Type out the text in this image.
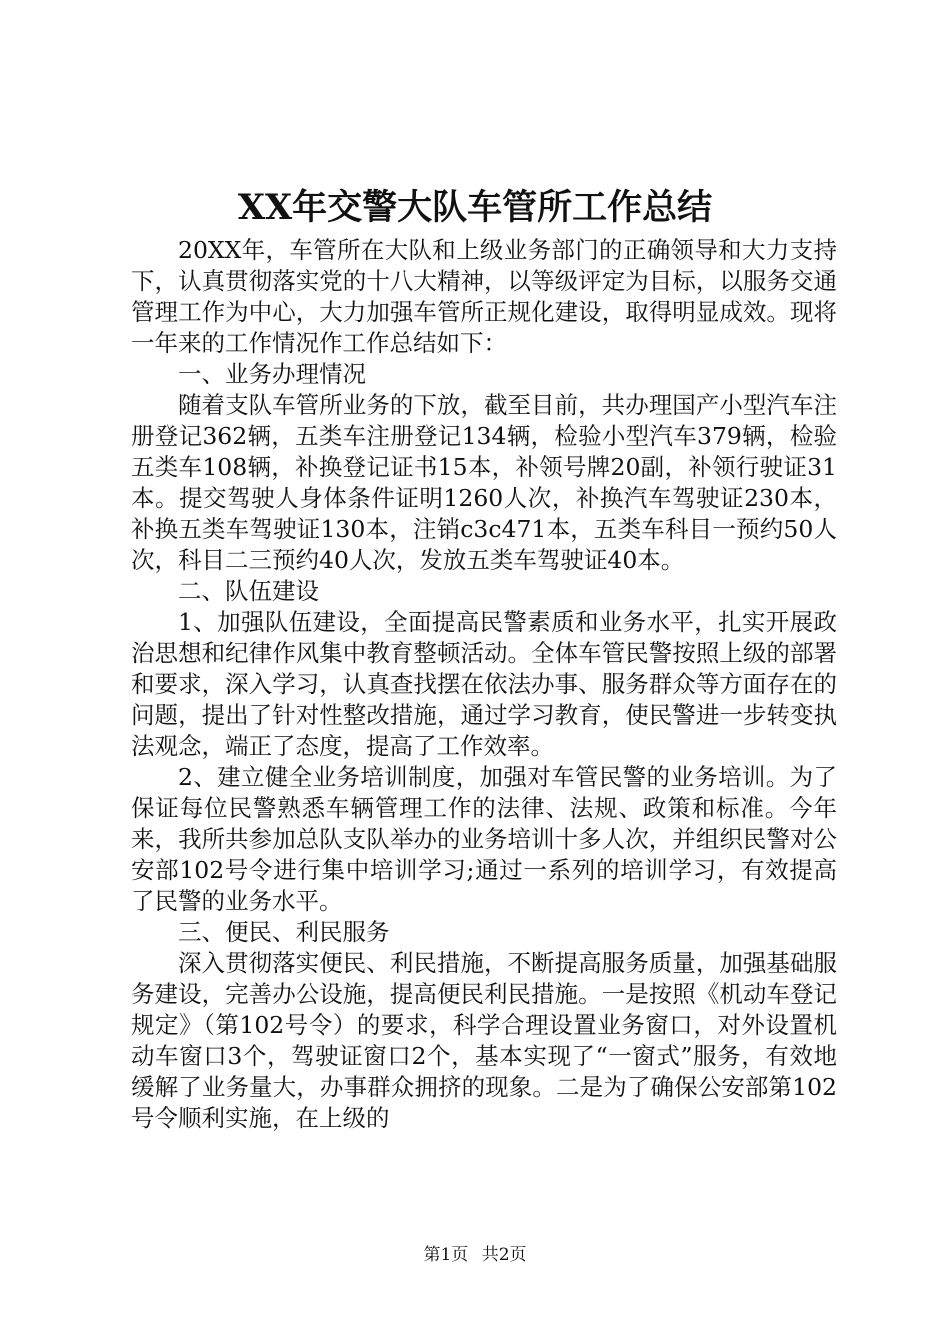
XX年交警大队车管所工作总结

20XX年，车管所在大队和上级业务部门的正确领导和大力支持下，认真贯彻落实党的十八大精神，以等级评定为目标，以服务交通管理工作为中心，大力加强车管所正规化建设，取得明显成效。现将一年来的工作情况作工作总结如下：

一、业务办理情况

随着支队车管所业务的下放，截至目前，共办理国产小型汽车注册登记362辆，五类车注册登记134辆，检验小型汽车379辆，检验五类车108辆，补换登记证书15本，补领号牌20副，补领行驶证31本。提交驾驶人身体条件证明1260人次，补换汽车驾驶证230本，补换五类车驾驶证130本，注销c3c471本，五类车科目一预约50人次，科目二三预约40人次，发放五类车驾驶证40本。

二、队伍建设

1、加强队伍建设，全面提高民警素质和业务水平，扎实开展政治思想和纪律作风集中教育整顿活动。全体车管民警按照上级的部署和要求，深入学习，认真查找摆在依法办事、服务群众等方面存在的问题，提出了针对性整改措施，通过学习教育，使民警进一步转变执法观念，端正了态度，提高了工作效率。

2、建立健全业务培训制度，加强对车管民警的业务培训。为了保证每位民警熟悉车辆管理工作的法律、法规、政策和标准。今年来，我所共参加总队支队举办的业务培训十多人次，并组织民警对公安部102号令进行集中培训学习;通过一系列的培训学习，有效提高了民警的业务水平。

三、便民、利民服务

深入贯彻落实便民、利民措施，不断提高服务质量，加强基础服务建设，完善办公设施，提高便民利民措施。一是按照《机动车登记规定》（第102号令）的要求，科学合理设置业务窗口，对外设置机动车窗口3个，驾驶证窗口2个，基本实现了“一窗式”服务，有效地缓解了业务量大，办事群众拥挤的现象。二是为了确保公安部第102号令顺利实施，在上级的

第1页 共2页
